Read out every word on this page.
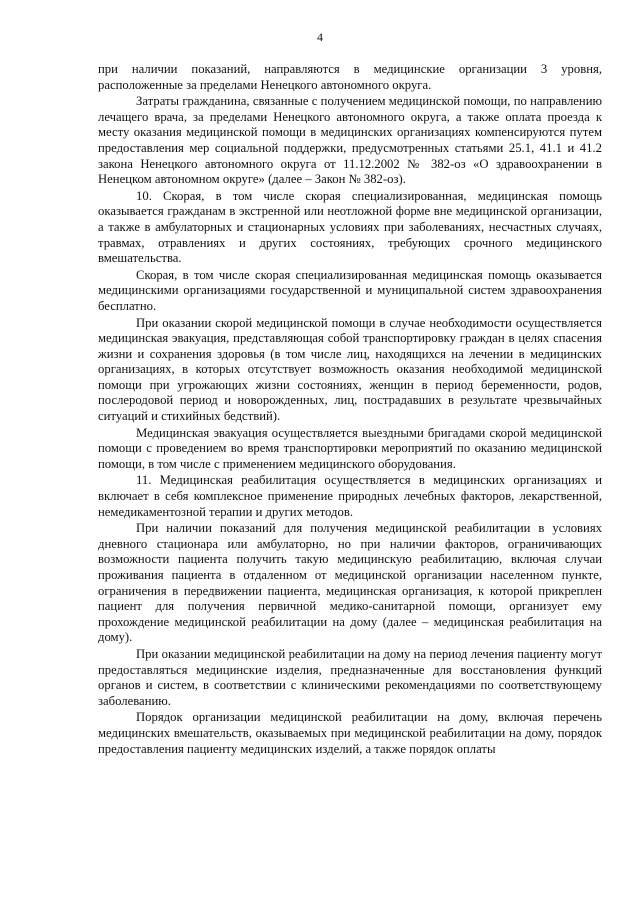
4

при наличии показаний, направляются в медицинские организации 3 уровня, расположенные за пределами Ненецкого автономного округа.

Затраты гражданина, связанные с получением медицинской помощи, по направлению лечащего врача, за пределами Ненецкого автономного округа, а также оплата проезда к месту оказания медицинской помощи в медицинских организациях компенсируются путем предоставления мер социальной поддержки, предусмотренных статьями 25.1, 41.1 и 41.2 закона Ненецкого автономного округа от 11.12.2002 № 382-оз «О здравоохранении в Ненецком автономном округе» (далее – Закон № 382-оз).

10. Скорая, в том числе скорая специализированная, медицинская помощь оказывается гражданам в экстренной или неотложной форме вне медицинской организации, а также в амбулаторных и стационарных условиях при заболеваниях, несчастных случаях, травмах, отравлениях и других состояниях, требующих срочного медицинского вмешательства.

Скорая, в том числе скорая специализированная медицинская помощь оказывается медицинскими организациями государственной и муниципальной систем здравоохранения бесплатно.

При оказании скорой медицинской помощи в случае необходимости осуществляется медицинская эвакуация, представляющая собой транспортировку граждан в целях спасения жизни и сохранения здоровья (в том числе лиц, находящихся на лечении в медицинских организациях, в которых отсутствует возможность оказания необходимой медицинской помощи при угрожающих жизни состояниях, женщин в период беременности, родов, послеродовой период и новорожденных, лиц, пострадавших в результате чрезвычайных ситуаций и стихийных бедствий).

Медицинская эвакуация осуществляется выездными бригадами скорой медицинской помощи с проведением во время транспортировки мероприятий по оказанию медицинской помощи, в том числе с применением медицинского оборудования.

11. Медицинская реабилитация осуществляется в медицинских организациях и включает в себя комплексное применение природных лечебных факторов, лекарственной, немедикаментозной терапии и других методов.

При наличии показаний для получения медицинской реабилитации в условиях дневного стационара или амбулаторно, но при наличии факторов, ограничивающих возможности пациента получить такую медицинскую реабилитацию, включая случаи проживания пациента в отдаленном от медицинской организации населенном пункте, ограничения в передвижении пациента, медицинская организация, к которой прикреплен пациент для получения первичной медико-санитарной помощи, организует ему прохождение медицинской реабилитации на дому (далее – медицинская реабилитация на дому).

При оказании медицинской реабилитации на дому на период лечения пациенту могут предоставляться медицинские изделия, предназначенные для восстановления функций органов и систем, в соответствии с клиническими рекомендациями по соответствующему заболеванию.

Порядок организации медицинской реабилитации на дому, включая перечень медицинских вмешательств, оказываемых при медицинской реабилитации на дому, порядок предоставления пациенту медицинских изделий, а также порядок оплаты
